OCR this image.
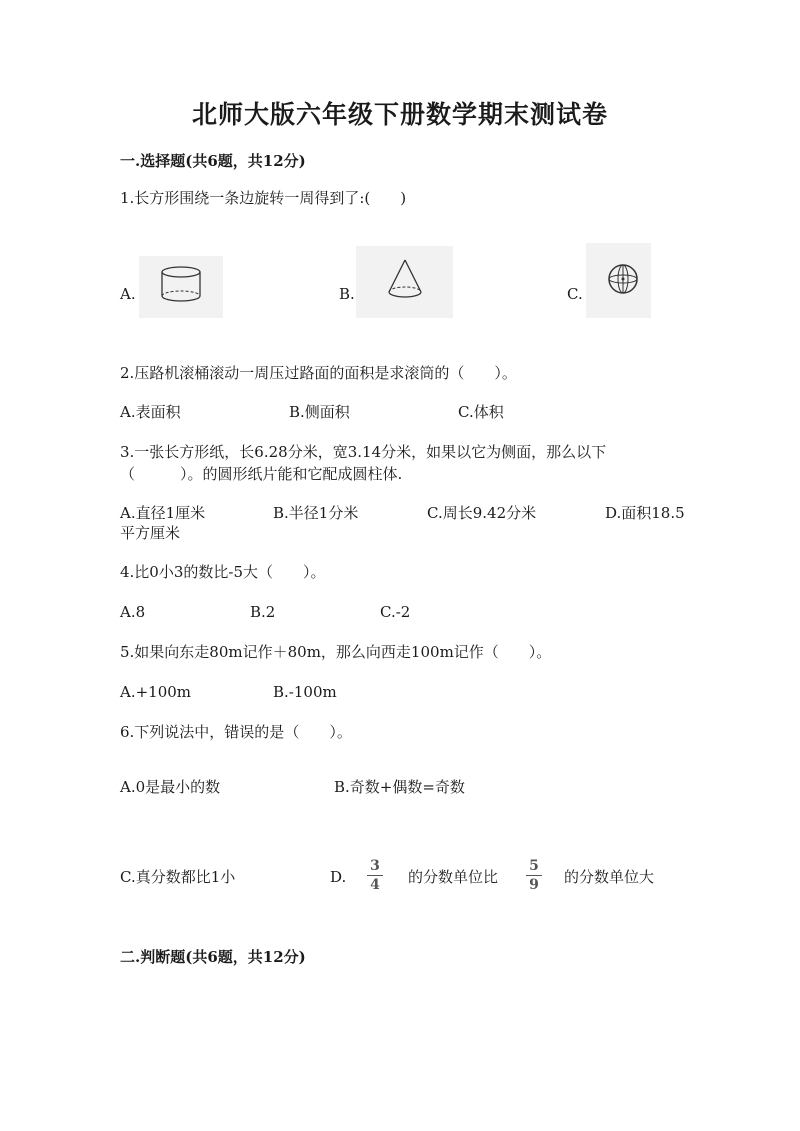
北师大版六年级下册数学期末测试卷
一.选择题(共6题，共12分)
1.长方形围绕一条边旋转一周得到了:(　　)
A.	B.	C.
2.压路机滚桶滚动一周压过路面的面积是求滚筒的（　　）。
A.表面积	B.侧面积	C.体积
3.一张长方形纸，长6.28分米，宽3.14分米，如果以它为侧面，那么以下
（　　　）。的圆形纸片能和它配成圆柱体.
A.直径1厘米	B.半径1分米	C.周长9.42分米	D.面积18.5
平方厘米
4.比0小3的数比-5大（　　）。
A.8	B.2	C.-2
5.如果向东走80m记作＋80m，那么向西走100m记作（　　）。
A.+100m	B.-100m
6.下列说法中，错误的是（　　）。
A.0是最小的数	B.奇数+偶数=奇数
C.真分数都比1小	D.
3
4	的分数单位比
5
9	的分数单位大
二.判断题(共6题，共12分)
